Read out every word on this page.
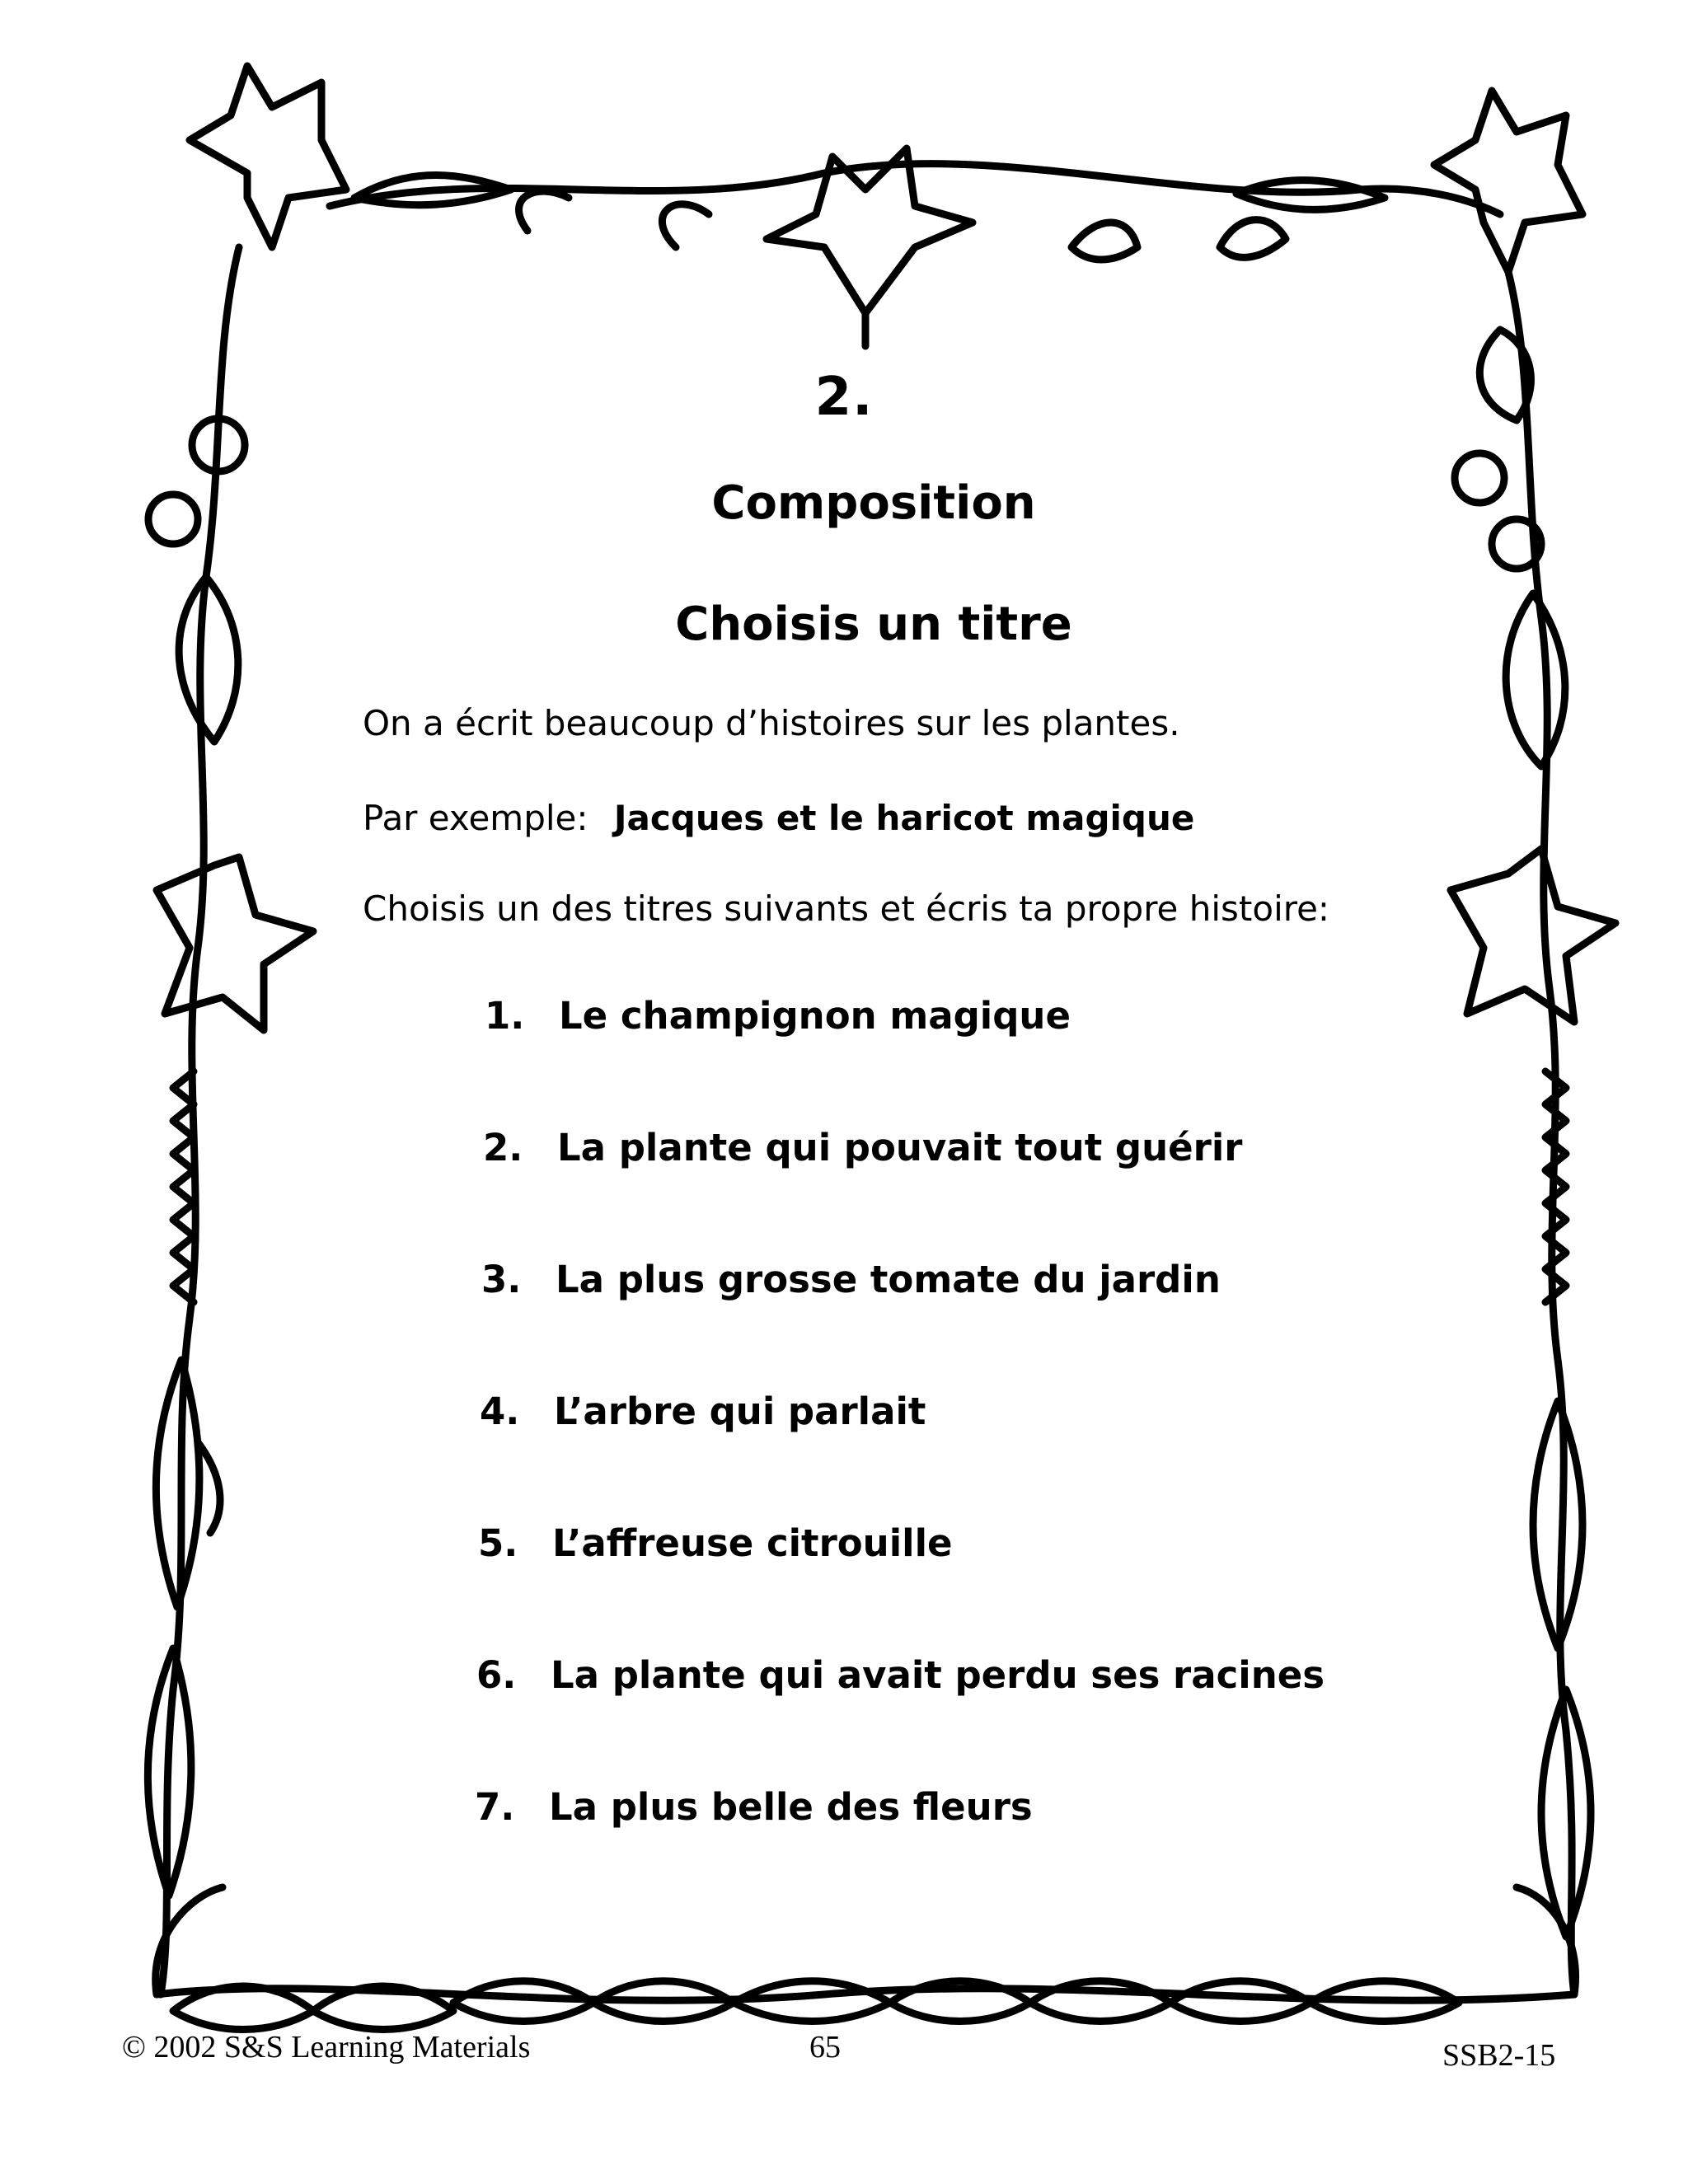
2.
Composition
Choisis un titre
On a écrit beaucoup d’histoires sur les plantes.
Par exemple: Jacques et le haricot magique
Choisis un des titres suivants et écris ta propre histoire:
1. Le champignon magique
2. La plante qui pouvait tout guérir
3. La plus grosse tomate du jardin
4. L’arbre qui parlait
5. L’affreuse citrouille
6. La plante qui avait perdu ses racines
7. La plus belle des fleurs
© 2002 S&S Learning Materials	65	SSB2-15
